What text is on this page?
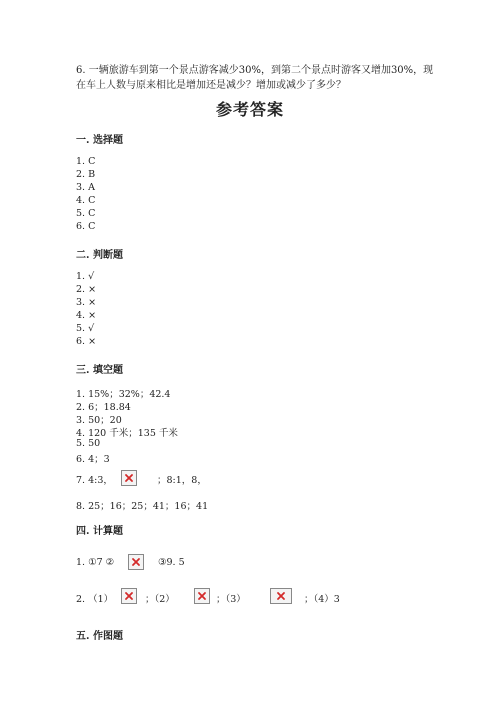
6. 一辆旅游车到第一个景点游客减少30%，到第二个景点时游客又增加30%，现在车上人数与原来相比是增加还是减少？增加或减少了多少？
参考答案
一. 选择题
1. C
2. B
3. A
4. C
5. C
6. C
二. 判断题
1. √
2. ×
3. ×
4. ×
5. √
6. ×
三. 填空题
1. 15%；32%；42.4
2. 6；18.84
3. 50；20
4. 120 千米；135 千米
5. 50
6. 4；3
7. 4:3，	；8:1，8，
8. 25；16；25；41；16；41
四. 计算题
1. ①7 ②	③9. 5
2. （1）	；（2）	；（3）	；（4）3
五. 作图题
